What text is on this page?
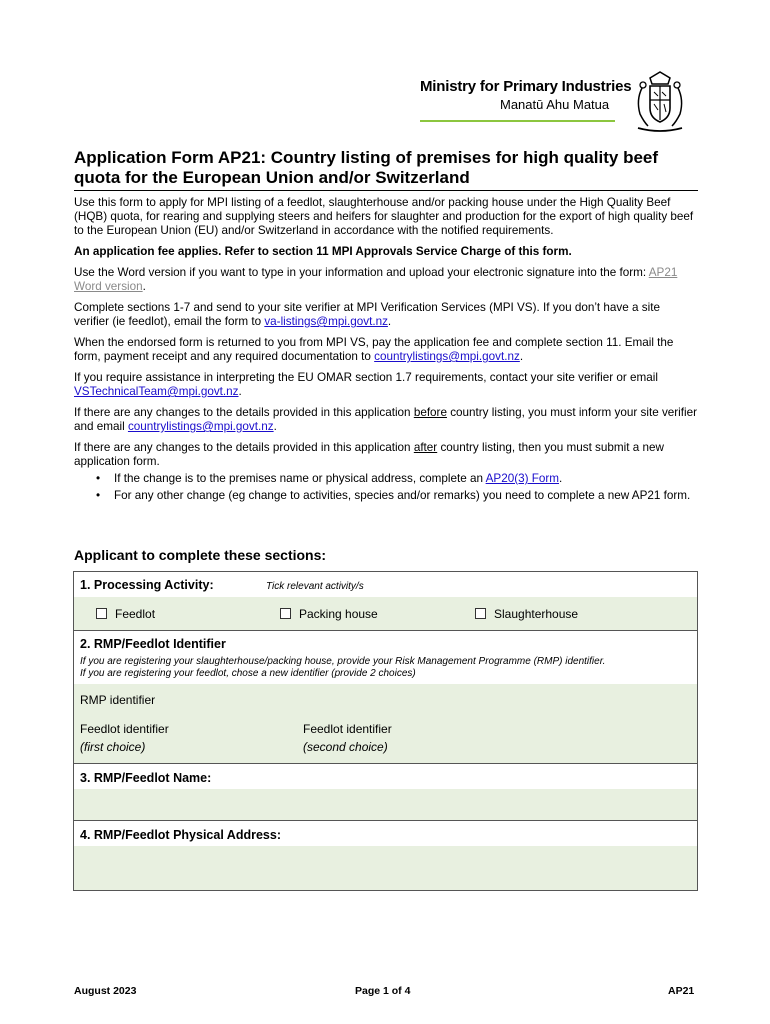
Ministry for Primary Industries
Manatū Ahu Matua
Application Form AP21: Country listing of premises for high quality beef quota for the European Union and/or Switzerland

Use this form to apply for MPI listing of a feedlot, slaughterhouse and/or packing house under the High Quality Beef (HQB) quota, for rearing and supplying steers and heifers for slaughter and production for the export of high quality beef to the European Union (EU) and/or Switzerland in accordance with the notified requirements.

An application fee applies. Refer to section 11 MPI Approvals Service Charge of this form.

Use the Word version if you want to type in your information and upload your electronic signature into the form: AP21 Word version.

Complete sections 1-7 and send to your site verifier at MPI Verification Services (MPI VS). If you don’t have a site verifier (ie feedlot), email the form to va-listings@mpi.govt.nz.

When the endorsed form is returned to you from MPI VS, pay the application fee and complete section 11. Email the form, payment receipt and any required documentation to countrylistings@mpi.govt.nz.

If you require assistance in interpreting the EU OMAR section 1.7 requirements, contact your site verifier or email VSTechnicalTeam@mpi.govt.nz.

If there are any changes to the details provided in this application before country listing, you must inform your site verifier and email countrylistings@mpi.govt.nz.

If there are any changes to the details provided in this application after country listing, then you must submit a new application form.

• If the change is to the premises name or physical address, complete an AP20(3) Form.
• For any other change (eg change to activities, species and/or remarks) you need to complete a new AP21 form.
Applicant to complete these sections:
1. Processing Activity:	Tick relevant activity/s
Feedlot	Packing house	Slaughterhouse
2. RMP/Feedlot Identifier
If you are registering your slaughterhouse/packing house, provide your Risk Management Programme (RMP) identifier.
If you are registering your feedlot, chose a new identifier (provide 2 choices)
RMP identifier
Feedlot identifier
(first choice)
Feedlot identifier
(second choice)
3. RMP/Feedlot Name:
4. RMP/Feedlot Physical Address:
August 2023	Page 1 of 4	AP21
